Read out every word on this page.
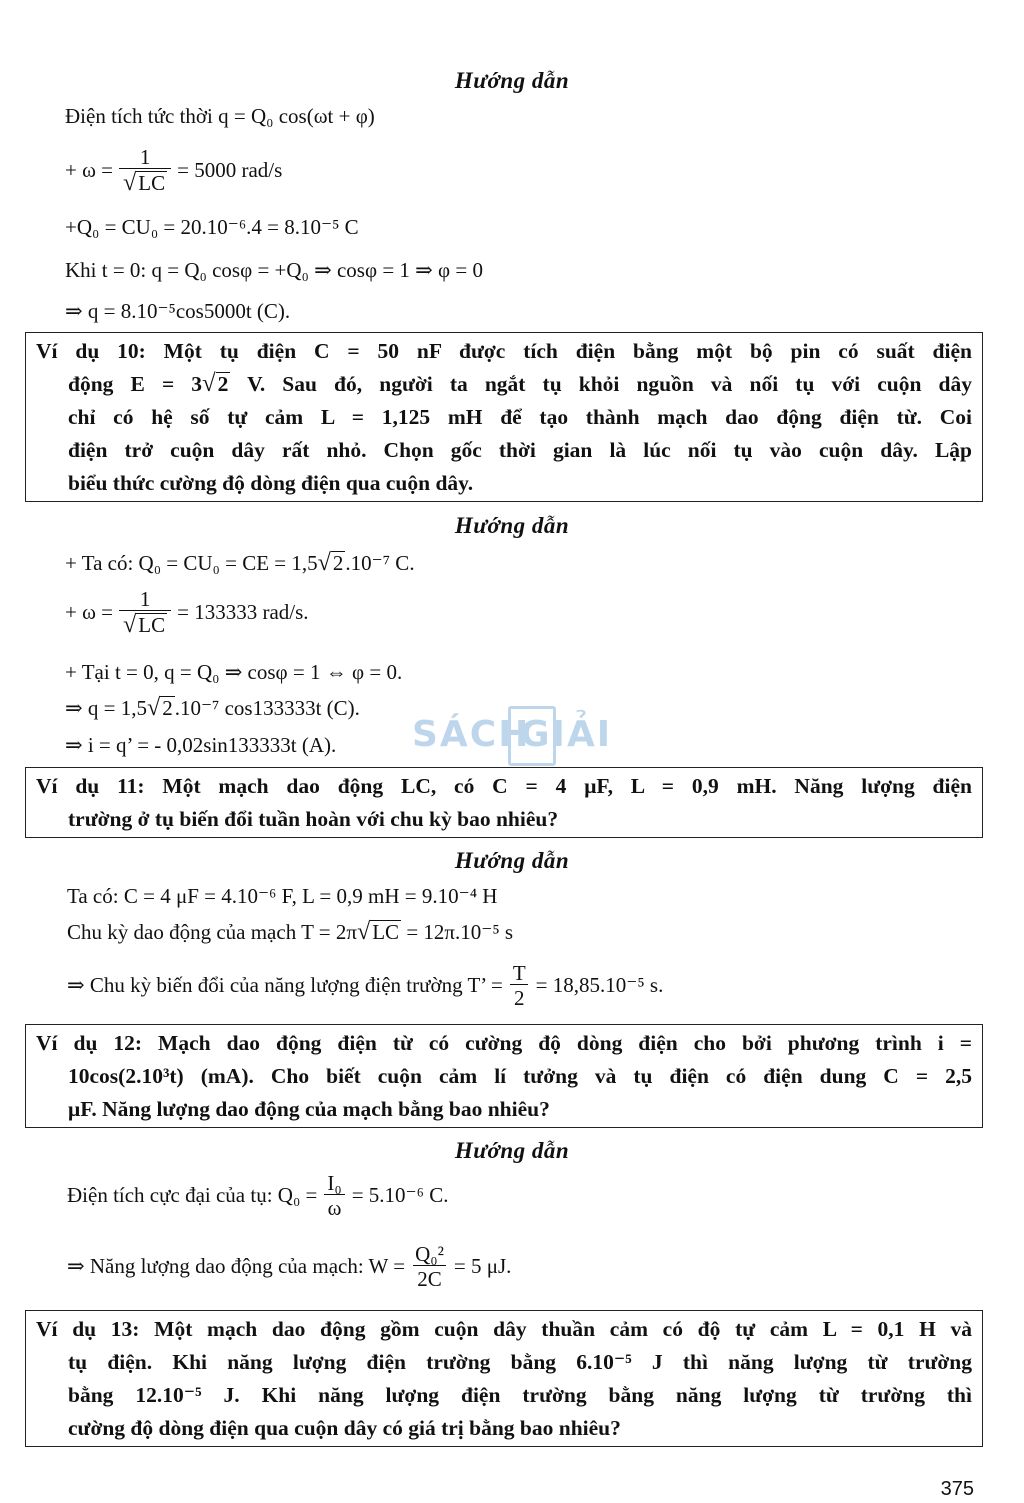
Hướng dẫn
Điện tích tức thời q = Q₀ cos(ωt + φ)
+ $\omega = \frac{1}{√ LC} = 5000$ rad/s
+Q₀ = CU₀ = 20.10⁻⁶.4 = 8.10⁻⁵ C
Khi t = 0: q = Q₀ cosφ = +Q₀ ⇒ cosφ = 1 ⇒ φ = 0
⇒ q = 8.10⁻⁵cos5000t (C).
Ví dụ 10: Một tụ điện C = 50 nF được tích điện bằng một bộ pin có suất điện
động E = 3 √ 2 V. Sau đó, người ta ngắt tụ khỏi nguồn và nối tụ với cuộn dây
chỉ có hệ số tự cảm L = 1,125 mH để tạo thành mạch dao động điện từ. Coi
điện trở cuộn dây rất nhỏ. Chọn gốc thời gian là lúc nối tụ vào cuộn dây. Lập
biểu thức cường độ dòng điện qua cuộn dây.
Hướng dẫn
+ Ta có: Q₀ = CU₀ = CE = 1,5 √ 2 .10⁻⁷ C.
+ $\omega = \frac{1}{√ LC} = 133333$ rad/s.
+ Tại t = 0, q = Q₀ ⇒ cosφ = 1 ⇔ φ = 0.
⇒ q = 1,5 √ 2 .10⁻⁷ cos133333t (C).
⇒ i = q’ = - 0,02sin133333t (A). SÁCH
GIẢI
Ví dụ 11: Một mạch dao động LC, có C = 4 μF, L = 0,9 mH. Năng lượng điện
trường ở tụ biến đổi tuần hoàn với chu kỳ bao nhiêu?
Hướng dẫn
Ta có: C = 4 μF = 4.10⁻⁶ F, L = 0,9 mH = 9.10⁻⁴ H
Chu kỳ dao động của mạch T = 2π √ LC
= 12π.10⁻⁵ s
⇒ Chu kỳ biến đổi của năng lượng điện trường T’ = $\frac{T}{2} = 18,85.10^{-5}$ s.
Ví dụ 12: Mạch dao động điện từ có cường độ dòng điện cho bởi phương trình i =
10cos(2.10³t) (mA). Cho biết cuộn cảm lí tưởng và tụ điện có điện dung C = 2,5
μF. Năng lượng dao động của mạch bằng bao nhiêu?
Hướng dẫn
Điện tích cực đại của tụ: $Q_0 = \frac{\text{I₀}}{\omega} = 5.10^{-6}$ C.
⇒ Năng lượng dao động của mạch: $W = \frac{\text{Q₀²}}{2C} = 5$ μJ.
Ví dụ 13: Một mạch dao động gồm cuộn dây thuần cảm có độ tự cảm L = 0,1 H và
tụ điện. Khi năng lượng điện trường bằng 6.10⁻⁵ J thì năng lượng từ trường
bằng 12.10⁻⁵ J. Khi năng lượng điện trường bằng năng lượng từ trường thì
cường độ dòng điện qua cuộn dây có giá trị bằng bao nhiêu?
375
